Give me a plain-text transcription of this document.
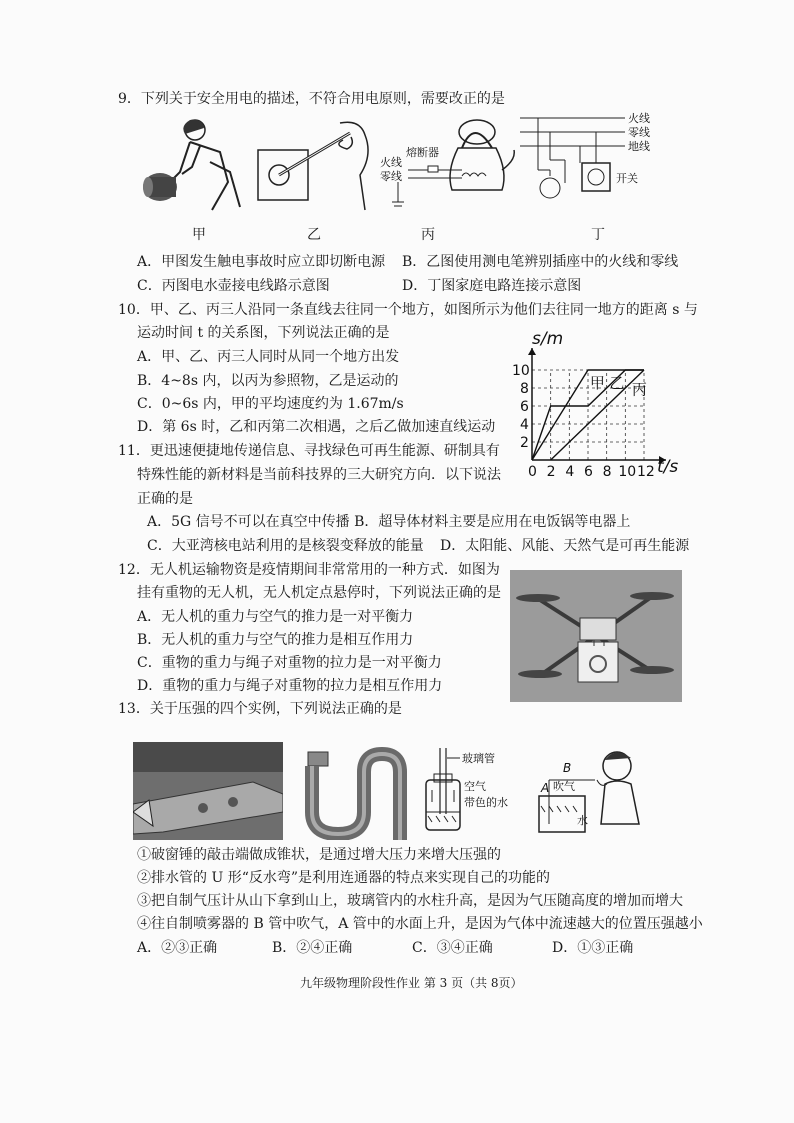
9．下列关于安全用电的描述，不符合用电原则，需要改正的是
熔断器
火线
零线
火线
零线
地线
开关
甲	乙	丙	丁
A．甲图发生触电事故时应立即切断电源 B．乙图使用测电笔辨别插座中的火线和零线
C．丙图电水壶接电线路示意图	D．丁图家庭电路连接示意图
10．甲、乙、丙三人沿同一条直线去往同一个地方，如图所示为他们去往同一地方的距离 s 与
运动时间 t 的关系图，下列说法正确的是
A．甲、乙、丙三人同时从同一个地方出发
B．4~8s 内，以丙为参照物，乙是运动的
C．0~6s 内，甲的平均速度约为 1.67m/s
D．第 6s 时，乙和丙第二次相遇，之后乙做加速直线运动
甲 乙 丙
0 2 4 6 8 10 12
2
4
6
8
10
s/m
t/s
11．更迅速便捷地传递信息、寻找绿色可再生能源、研制具有
特殊性能的新材料是当前科技界的三大研究方向．以下说法
正确的是
A．5G 信号不可以在真空中传播 B．超导体材料主要是应用在电饭锅等电器上
C．大亚湾核电站利用的是核裂变释放的能量 D．太阳能、风能、天然气是可再生能源
12．无人机运输物资是疫情期间非常常用的一种方式．如图为
挂有重物的无人机，无人机定点悬停时，下列说法正确的是
A．无人机的重力与空气的推力是一对平衡力
B．无人机的重力与空气的推力是相互作用力
C．重物的重力与绳子对重物的拉力是一对平衡力
D．重物的重力与绳子对重物的拉力是相互作用力
13．关于压强的四个实例，下列说法正确的是
玻璃管
空气
带色的水
B
A 吹气
水
①破窗锤的敲击端做成锥状，是通过增大压力来增大压强的
②排水管的 U 形“反水弯”是利用连通器的特点来实现自己的功能的
③把自制气压计从山下拿到山上，玻璃管内的水柱升高，是因为气压随高度的增加而增大
④往自制喷雾器的 B 管中吹气，A 管中的水面上升，是因为气体中流速越大的位置压强越小
A．②③正确	B．②④正确	C．③④正确	D．①③正确
九年级物理阶段性作业 第 3 页（共 8页）
